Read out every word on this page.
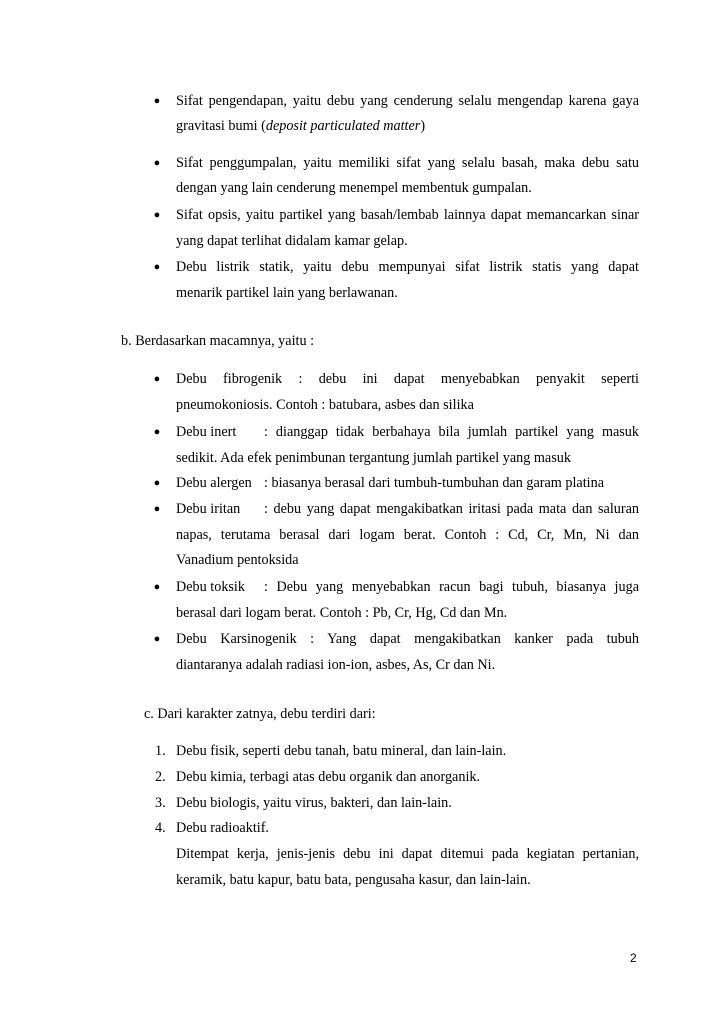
● Sifat pengendapan, yaitu debu yang cenderung selalu mengendap karena gaya
gravitasi bumi (deposit particulated matter)
● Sifat penggumpalan, yaitu memiliki sifat yang selalu basah, maka debu satu
dengan yang lain cenderung menempel membentuk gumpalan.
● Sifat opsis, yaitu partikel yang basah/lembab lainnya dapat memancarkan sinar
yang dapat terlihat didalam kamar gelap.
● Debu listrik statik, yaitu debu mempunyai sifat listrik statis yang dapat
menarik partikel lain yang berlawanan.
b. Berdasarkan macamnya, yaitu :
● Debu fibrogenik : debu ini dapat menyebabkan penyakit seperti
pneumokoniosis. Contoh : batubara, asbes dan silika
● Debu inert : dianggap tidak berbahaya bila jumlah partikel yang masuk
sedikit. Ada efek penimbunan tergantung jumlah partikel yang masuk
● Debu alergen : biasanya berasal dari tumbuh-tumbuhan dan garam platina
● Debu iritan : debu yang dapat mengakibatkan iritasi pada mata dan saluran
napas, terutama berasal dari logam berat. Contoh : Cd, Cr, Mn, Ni dan
Vanadium pentoksida
● Debu toksik : Debu yang menyebabkan racun bagi tubuh, biasanya juga
berasal dari logam berat. Contoh : Pb, Cr, Hg, Cd dan Mn.
● Debu Karsinogenik : Yang dapat mengakibatkan kanker pada tubuh
diantaranya adalah radiasi ion-ion, asbes, As, Cr dan Ni.
c. Dari karakter zatnya, debu terdiri dari:
1. Debu fisik, seperti debu tanah, batu mineral, dan lain-lain.
2. Debu kimia, terbagi atas debu organik dan anorganik.
3. Debu biologis, yaitu virus, bakteri, dan lain-lain.
4. Debu radioaktif.
Ditempat kerja, jenis-jenis debu ini dapat ditemui pada kegiatan pertanian,
keramik, batu kapur, batu bata, pengusaha kasur, dan lain-lain.
2
